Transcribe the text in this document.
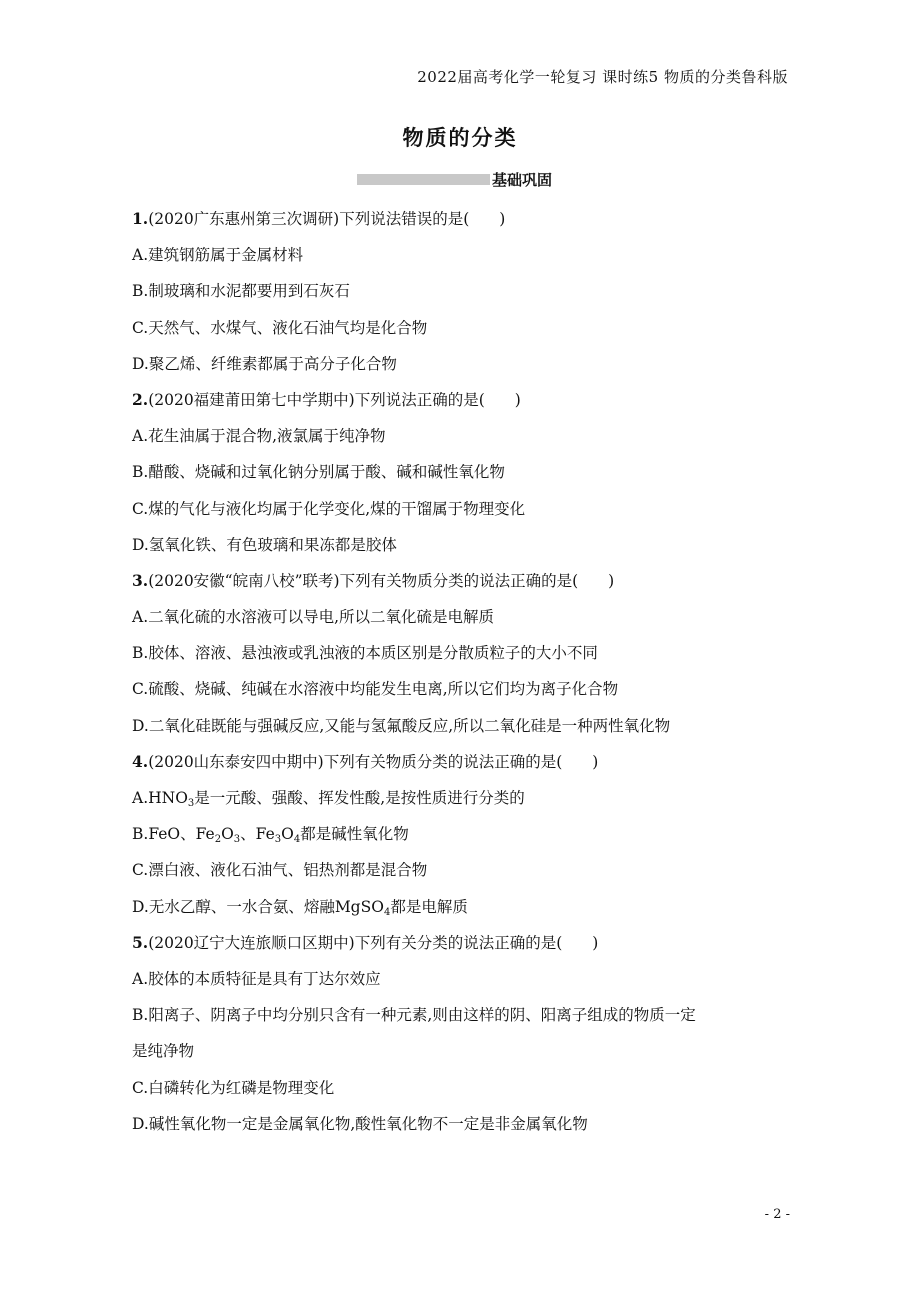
2022届高考化学一轮复习 课时练5 物质的分类鲁科版
物质的分类
基础巩固
1.(2020广东惠州第三次调研)下列说法错误的是( )
A.建筑钢筋属于金属材料
B.制玻璃和水泥都要用到石灰石
C.天然气、水煤气、液化石油气均是化合物
D.聚乙烯、纤维素都属于高分子化合物
2.(2020福建莆田第七中学期中)下列说法正确的是( )
A.花生油属于混合物,液氯属于纯净物
B.醋酸、烧碱和过氧化钠分别属于酸、碱和碱性氧化物
C.煤的气化与液化均属于化学变化,煤的干馏属于物理变化
D.氢氧化铁、有色玻璃和果冻都是胶体
3.(2020安徽“皖南八校”联考)下列有关物质分类的说法正确的是( )
A.二氧化硫的水溶液可以导电,所以二氧化硫是电解质
B.胶体、溶液、悬浊液或乳浊液的本质区别是分散质粒子的大小不同
C.硫酸、烧碱、纯碱在水溶液中均能发生电离,所以它们均为离子化合物
D.二氧化硅既能与强碱反应,又能与氢氟酸反应,所以二氧化硅是一种两性氧化物
4.(2020山东泰安四中期中)下列有关物质分类的说法正确的是( )
$A.HNO_3$是一元酸、强酸、挥发性酸,是按性质进行分类的
B.FeO、$Fe_2O_3$、$Fe_3O_4$都是碱性氧化物
C.漂白液、液化石油气、铝热剂都是混合物
D.无水乙醇、一水合氨、熔融MgSO$_4$都是电解质
5.(2020辽宁大连旅顺口区期中)下列有关分类的说法正确的是( )
A.胶体的本质特征是具有丁达尔效应
B.阳离子、阴离子中均分别只含有一种元素,则由这样的阴、阳离子组成的物质一定
是纯净物
C.白磷转化为红磷是物理变化
D.碱性氧化物一定是金属氧化物,酸性氧化物不一定是非金属氧化物
- 2 -
